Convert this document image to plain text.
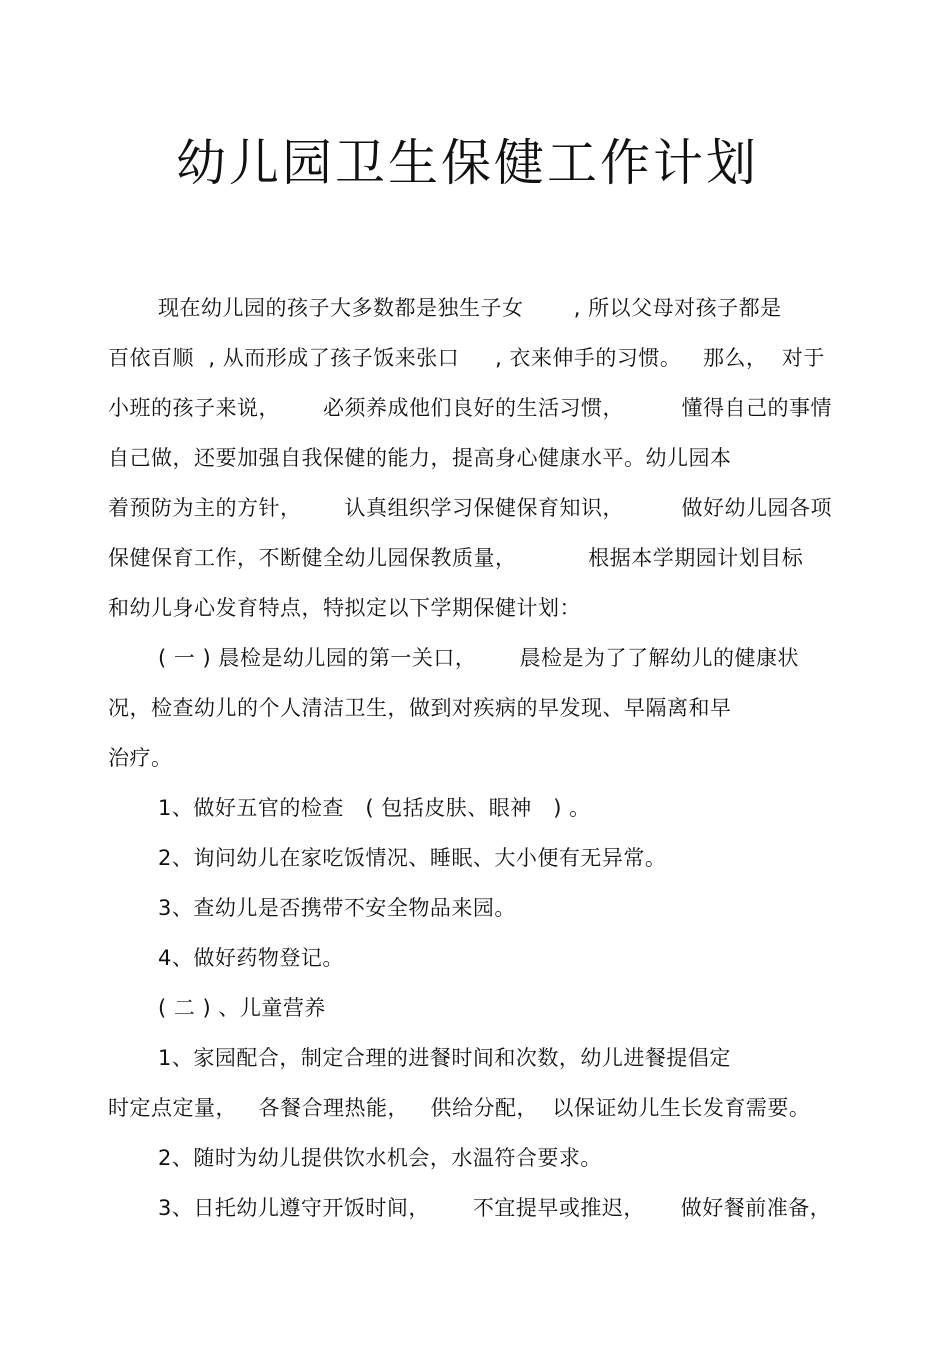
幼儿园卫生保健工作计划
现在幼儿园的孩子大多数都是独生子女       , 所以父母对孩子都是
百依百顺  , 从而形成了孩子饭来张口     , 衣来伸手的习惯。   那么，  对于
小班的孩子来说，      必须养成他们良好的生活习惯，        懂得自己的事情
自己做，还要加强自我保健的能力，提高身心健康水平。幼儿园本
着预防为主的方针，      认真组织学习保健保育知识，        做好幼儿园各项
保健保育工作，不断健全幼儿园保教质量，          根据本学期园计划目标
和幼儿身心发育特点，特拟定以下学期保健计划：
( 一 ) 晨检是幼儿园的第一关口，      晨检是为了了解幼儿的健康状
况，检查幼儿的个人清洁卫生，做到对疾病的早发现、早隔离和早
治疗。
1、做好五官的检查   ( 包括皮肤、眼神   ) 。
2、询问幼儿在家吃饭情况、睡眠、大小便有无异常。
3、查幼儿是否携带不安全物品来园。
4、做好药物登记。
( 二 ) 、儿童营养
1、家园配合，制定合理的进餐时间和次数，幼儿进餐提倡定
时定点定量，   各餐合理热能，   供给分配，  以保证幼儿生长发育需要。
2、随时为幼儿提供饮水机会，水温符合要求。
3、日托幼儿遵守开饭时间，      不宜提早或推迟，     做好餐前准备，
